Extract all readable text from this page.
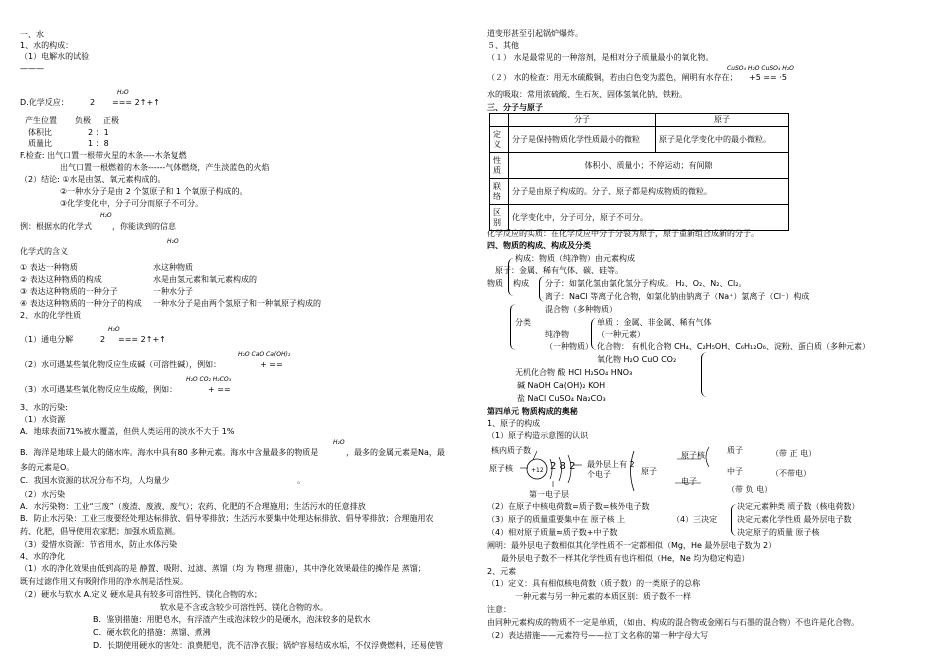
一、水
1、水的构成：
（1）电解水的试验
———
H₂O
D.化学反应：	2 === 2↑+↑
产生位置 负极 正极
体积比	2 ：1
质量比	1 ：8
F.检查: 出气口置一根带火星的木条----木条复燃
出气口置一根燃着的木条------气体燃烧，产生淡蓝色的火焰
（2）结论: ①水是由氢、氧元素构成的。
②一种水分子是由 2 个氢原子和 1 个氧原子构成的。
③化学变化中，分子可分而原子不可分。
H₂O
例：根据水的化学式	，你能读到的信息
H₂O
化学式的含义
① 表达一种物质	水这种物质
② 表达这种物质的构成	水是由氢元素和氧元素构成的
③ 表达这种物质的一种分子	一种水分子
④ 表达这种物质的一种分子的构成 一种水分子是由两个氢原子和一种氧原子构成的
2、水的化学性质
H₂O
（1）通电分解	2 === 2↑+↑
H₂O CaO Ca(OH)₂
（2）水可遇某些氧化物反应生成碱（可溶性碱），例如：	+ ==
H₂O CO₂ H₂CO₃
（3）水可遇某些氧化物反应生成酸，例如：	+ ==
3、水的污染:
（1）水资源
A．地球表面71%被水覆盖，但供人类运用的淡水不大于 1%
H₂O
B．海洋是地球上最大的储水库。海水中具有80 多种元素。海水中含量最多的物质是	，最多的金属元素是Na，最
多的元素是O。
C．我国水资源的状况分布不均，人均量少	。
（2）水污染
A．水污染物：工业“三废”（废渣、废液、废气）；农药、化肥的不合理施用；生活污水的任意排放
B．防止水污染：工业三废要经处理达标排放、倡导零排放；生活污水要集中处理达标排放、倡导零排放；合理施用农
药、化肥，倡导使用农家肥；加强水质监测。
（3）爱惜水资源：节省用水，防止水体污染
4、水的净化
（1）水的净化效果由低到高的是 静置、吸附、过滤、蒸馏（均 为 物理 措施），其中净化效果最佳的操作是 蒸馏；
既有过滤作用又有吸附作用的净水剂是活性炭。
（2）硬水与软水 A.定义 硬水是具有较多可溶性钙、镁化合物的水；
软水是不含或含较少可溶性钙、镁化合物的水。
B．鉴别措施：用肥皂水，有浮渣产生或泡沫较少的是硬水，泡沫较多的是软水
C．硬水软化的措施：蒸馏、煮沸
D．长期使用硬水的害处：浪费肥皂，洗不洁净衣服；锅炉容易结成水垢，不仅浮费燃料，还易使管
道变形甚至引起锅炉爆炸。
５、其他
（１） 水是最常见的一种溶剂，是相对分子质量最小的氧化物。
CuSO₄ H₂O CuSO₄ H₂O
（２） 水的检查：用无水硫酸铜，若由白色变为蓝色，阐明有水存在； +5 == ·5
水的吸取：常用浓硫酸、生石灰、固体氢氧化钠、铁粉。
三、分子与原子
	分子	原子
定义	分子是保持物质化学性质最小的微粒	原子是化学变化中的最小微粒。
性质	体积小、质量小；不停运动；有间隙	
联络	分子是由原子构成的。分子、原子都是构成物质的微粒。	
区别	化学变化中，分子可分，原子不可分。	
化学反应的实质：在化学反应中分子分裂为原子，原子重新组合成新的分子。
四、物质的构成、构成及分类
构成：物质（纯净物）由元素构成
原子：金属、稀有气体、碳、硅等。
物质 构成 分子：如氯化氢由氯化氢分子构成。 H₂、O₂、N₂、Cl₂。
离子：NaCl 等离子化合物，如氯化钠由钠离子（Na⁺）氯离子（Cl⁻）构成
混合物（多种物质）
分类	单质 ：金属、非金属、稀有气体
纯净物	（一种元素）
（一种物质） 化合物： 有机化合物 CH₄、C₂H₅OH、C₆H₁₂O₆、淀粉、蛋白质（多种元素）
氧化物 H₂O CuO CO₂
无机化合物 酸 HCl H₂SO₄ HNO₃
碱 NaOH Ca(OH)₂ KOH
盐 NaCl CuSO₄ Na₂CO₃
第四单元 物质构成的奥秘
1、原子的构成
（1）原子构造示意图的认识
核内质子数
原子核	+12 2 8 2 最外层上有 2个电子
第一电子层
原子
原子核
质子	（带 正 电）
中子	（不带电）
电子
（带 负 电）
（2）在原子中核电荷数=质子数=核外电子数	决定元素种类 质子数（核电荷数）
（3）原子的质量重要集中在 原子核 上	（4）三决定 决定元素化学性质 最外层电子数
（4）相对原子质量≈质子数+中子数	决定原子的质量 原子核
阐明：最外层电子数相似其化学性质不一定都相似（Mg，He 最外层电子数为 2）
最外层电子数不一样其化学性质有也许相似（He，Ne 均为稳定构造）
2、元素
（1）定义：具有相似核电荷数（质子数）的一类原子的总称
一种元素与另一种元素的本质区别：质子数不一样
注意：
由同种元素构成的物质不一定是单质，（如由、构成的混合物或金刚石与石墨的混合物）不也许是化合物。
（2）表达措施——元素符号——拉丁文名称的第一种字母大写
